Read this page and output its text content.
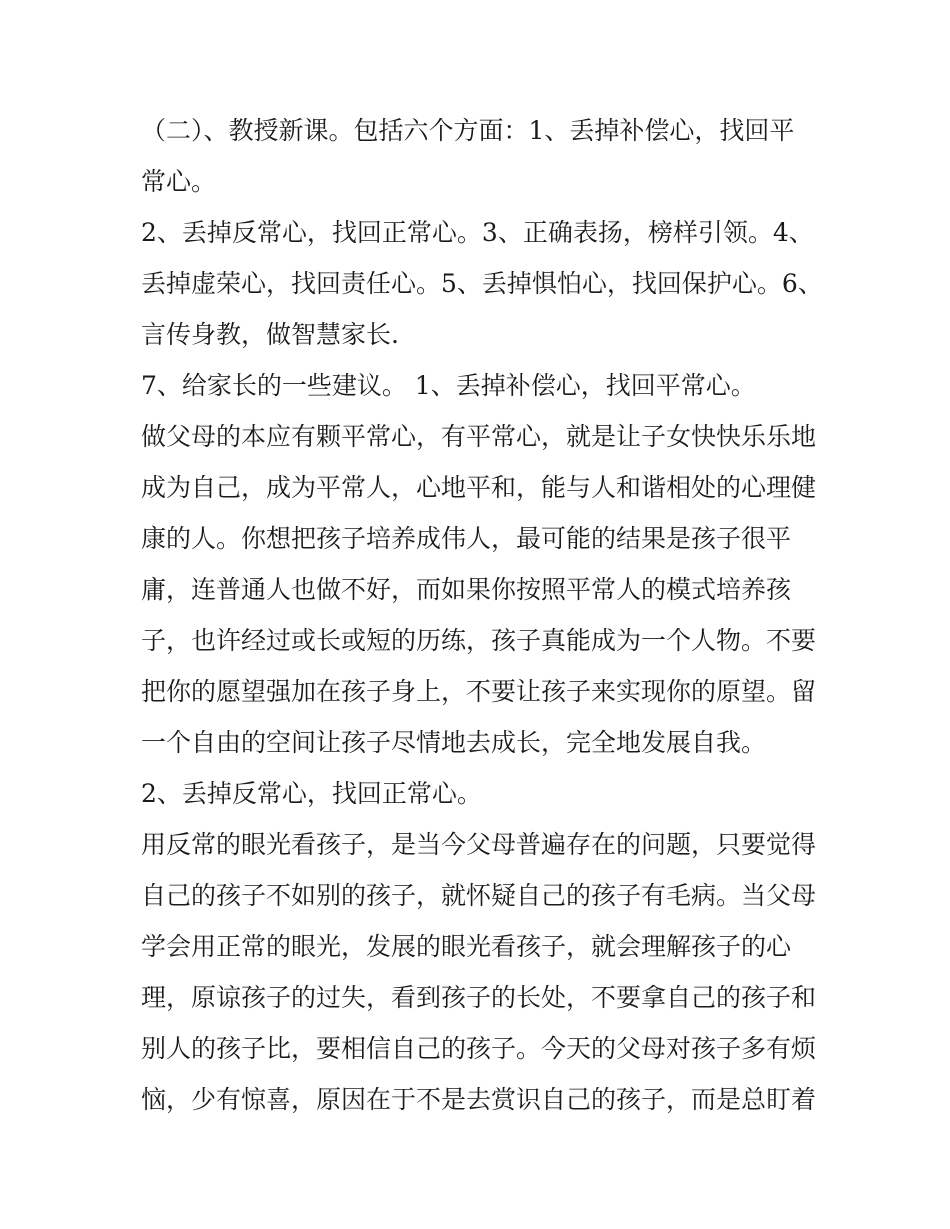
（二）、教授新课。包括六个方面：1、丢掉补偿心，找回平
常心。
2、丢掉反常心，找回正常心。3、正确表扬，榜样引领。4、
丢掉虚荣心，找回责任心。5、丢掉惧怕心，找回保护心。6、
言传身教，做智慧家长.
7、给家长的一些建议。 1、丢掉补偿心，找回平常心。
做父母的本应有颗平常心，有平常心，就是让子女快快乐乐地
成为自己，成为平常人，心地平和，能与人和谐相处的心理健
康的人。你想把孩子培养成伟人，最可能的结果是孩子很平
庸，连普通人也做不好，而如果你按照平常人的模式培养孩
子，也许经过或长或短的历练，孩子真能成为一个人物。不要
把你的愿望强加在孩子身上，不要让孩子来实现你的原望。留
一个自由的空间让孩子尽情地去成长，完全地发展自我。
2、丢掉反常心，找回正常心。
用反常的眼光看孩子，是当今父母普遍存在的问题，只要觉得
自己的孩子不如别的孩子，就怀疑自己的孩子有毛病。当父母
学会用正常的眼光，发展的眼光看孩子，就会理解孩子的心
理，原谅孩子的过失，看到孩子的长处，不要拿自己的孩子和
别人的孩子比，要相信自己的孩子。今天的父母对孩子多有烦
恼，少有惊喜，原因在于不是去赏识自己的孩子，而是总盯着
